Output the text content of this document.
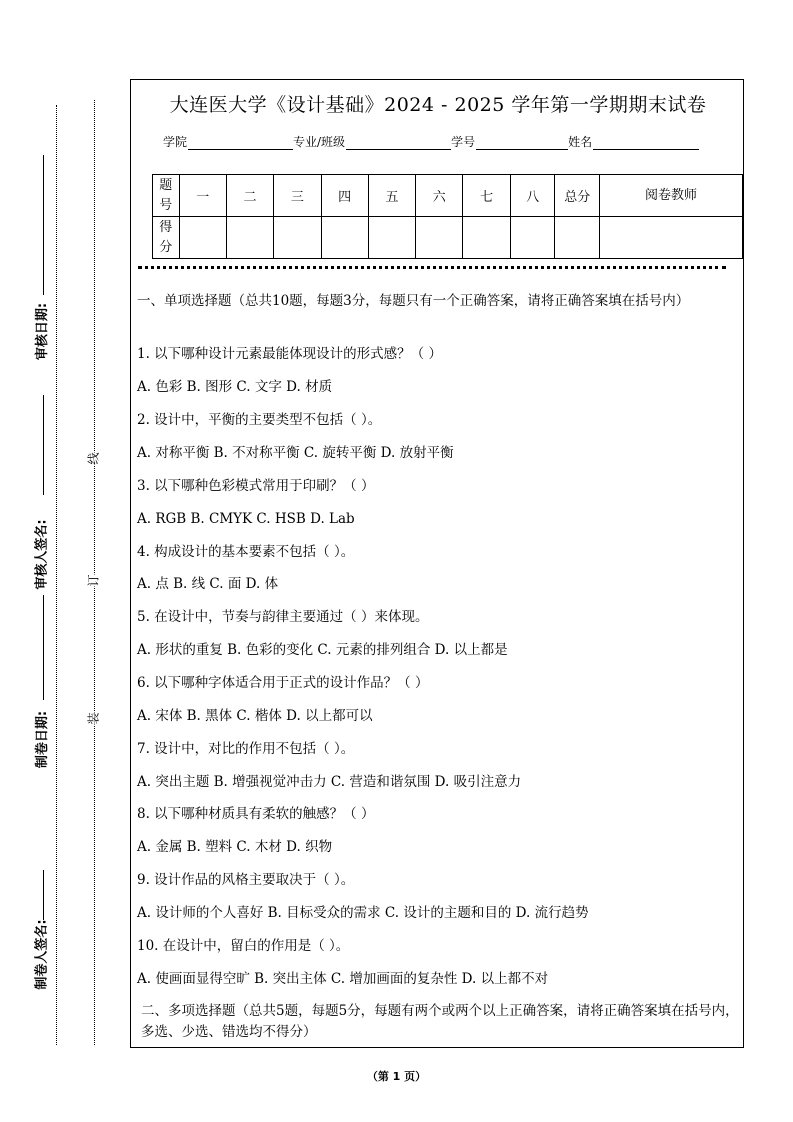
审核日期:
审核人签名:
制卷日期:
制卷人签名:
线
订
装
大连医大学《设计基础》2024 - 2025 学年第一学期期末试卷
学院	专业/班级	学号	姓名
题号	一	二	三	四	五	六	七	八	总分	阅卷教师
得分										
一、单项选择题（总共10题，每题3分，每题只有一个正确答案，请将正确答案填在括号内）
1. 以下哪种设计元素最能体现设计的形式感？（ ）
A. 色彩 B. 图形 C. 文字 D. 材质
2. 设计中，平衡的主要类型不包括（ ）。
A. 对称平衡 B. 不对称平衡 C. 旋转平衡 D. 放射平衡
3. 以下哪种色彩模式常用于印刷？（ ）
A. RGB B. CMYK C. HSB D. Lab
4. 构成设计的基本要素不包括（ ）。
A. 点 B. 线 C. 面 D. 体
5. 在设计中，节奏与韵律主要通过（ ）来体现。
A. 形状的重复 B. 色彩的变化 C. 元素的排列组合 D. 以上都是
6. 以下哪种字体适合用于正式的设计作品？（ ）
A. 宋体 B. 黑体 C. 楷体 D. 以上都可以
7. 设计中，对比的作用不包括（ ）。
A. 突出主题 B. 增强视觉冲击力 C. 营造和谐氛围 D. 吸引注意力
8. 以下哪种材质具有柔软的触感？（ ）
A. 金属 B. 塑料 C. 木材 D. 织物
9. 设计作品的风格主要取决于（ ）。
A. 设计师的个人喜好 B. 目标受众的需求 C. 设计的主题和目的 D. 流行趋势
10. 在设计中，留白的作用是（ ）。
A. 使画面显得空旷 B. 突出主体 C. 增加画面的复杂性 D. 以上都不对
二、多项选择题（总共5题，每题5分，每题有两个或两个以上正确答案，请将正确答案填在括号内，多选、少选、错选均不得分）
（第 1 页）
